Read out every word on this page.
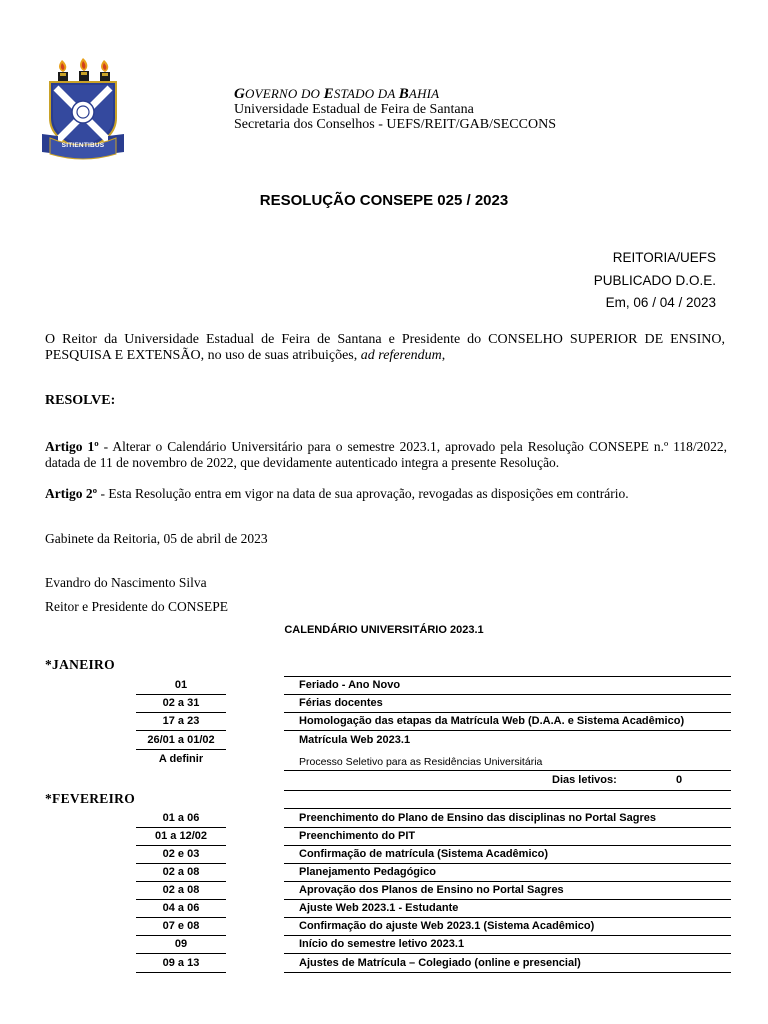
SITIENTIBUS
GOVERNO DO ESTADO DA BAHIA
Universidade Estadual de Feira de Santana
Secretaria dos Conselhos - UEFS/REIT/GAB/SECCONS
RESOLUÇÃO CONSEPE 025 / 2023
REITORIA/UEFS
PUBLICADO D.O.E.
Em, 06 / 04 / 2023
O Reitor da Universidade Estadual de Feira de Santana e Presidente do CONSELHO SUPERIOR DE ENSINO, PESQUISA E EXTENSÃO, no uso de suas atribuições, ad referendum,
RESOLVE:
Artigo 1º - Alterar o Calendário Universitário para o semestre 2023.1, aprovado pela Resolução CONSEPE n.º 118/2022, datada de 11 de novembro de 2022, que devidamente autenticado integra a presente Resolução.
Artigo 2º - Esta Resolução entra em vigor na data de sua aprovação, revogadas as disposições em contrário.
Gabinete da Reitoria, 05 de abril de 2023
Evandro do Nascimento Silva
Reitor e Presidente do CONSEPE
CALENDÁRIO UNIVERSITÁRIO 2023.1
*JANEIRO
01	Feriado - Ano Novo
02 a 31	Férias docentes
17 a 23	Homologação das etapas da Matrícula Web (D.A.A. e Sistema Acadêmico)
26/01 a 01/02	Matrícula Web 2023.1
A definir	Processo Seletivo para as Residências Universitária
Dias letivos:	0
*FEVEREIRO
01 a 06	Preenchimento do Plano de Ensino das disciplinas no Portal Sagres
01 a 12/02	Preenchimento do PIT
02 e 03	Confirmação de matrícula (Sistema Acadêmico)
02 a 08	Planejamento Pedagógico
02 a 08	Aprovação dos Planos de Ensino no Portal Sagres
04 a 06	Ajuste Web 2023.1 - Estudante
07 e 08	Confirmação do ajuste Web 2023.1 (Sistema Acadêmico)
09	Início do semestre letivo 2023.1
09 a 13	Ajustes de Matrícula – Colegiado (online e presencial)
